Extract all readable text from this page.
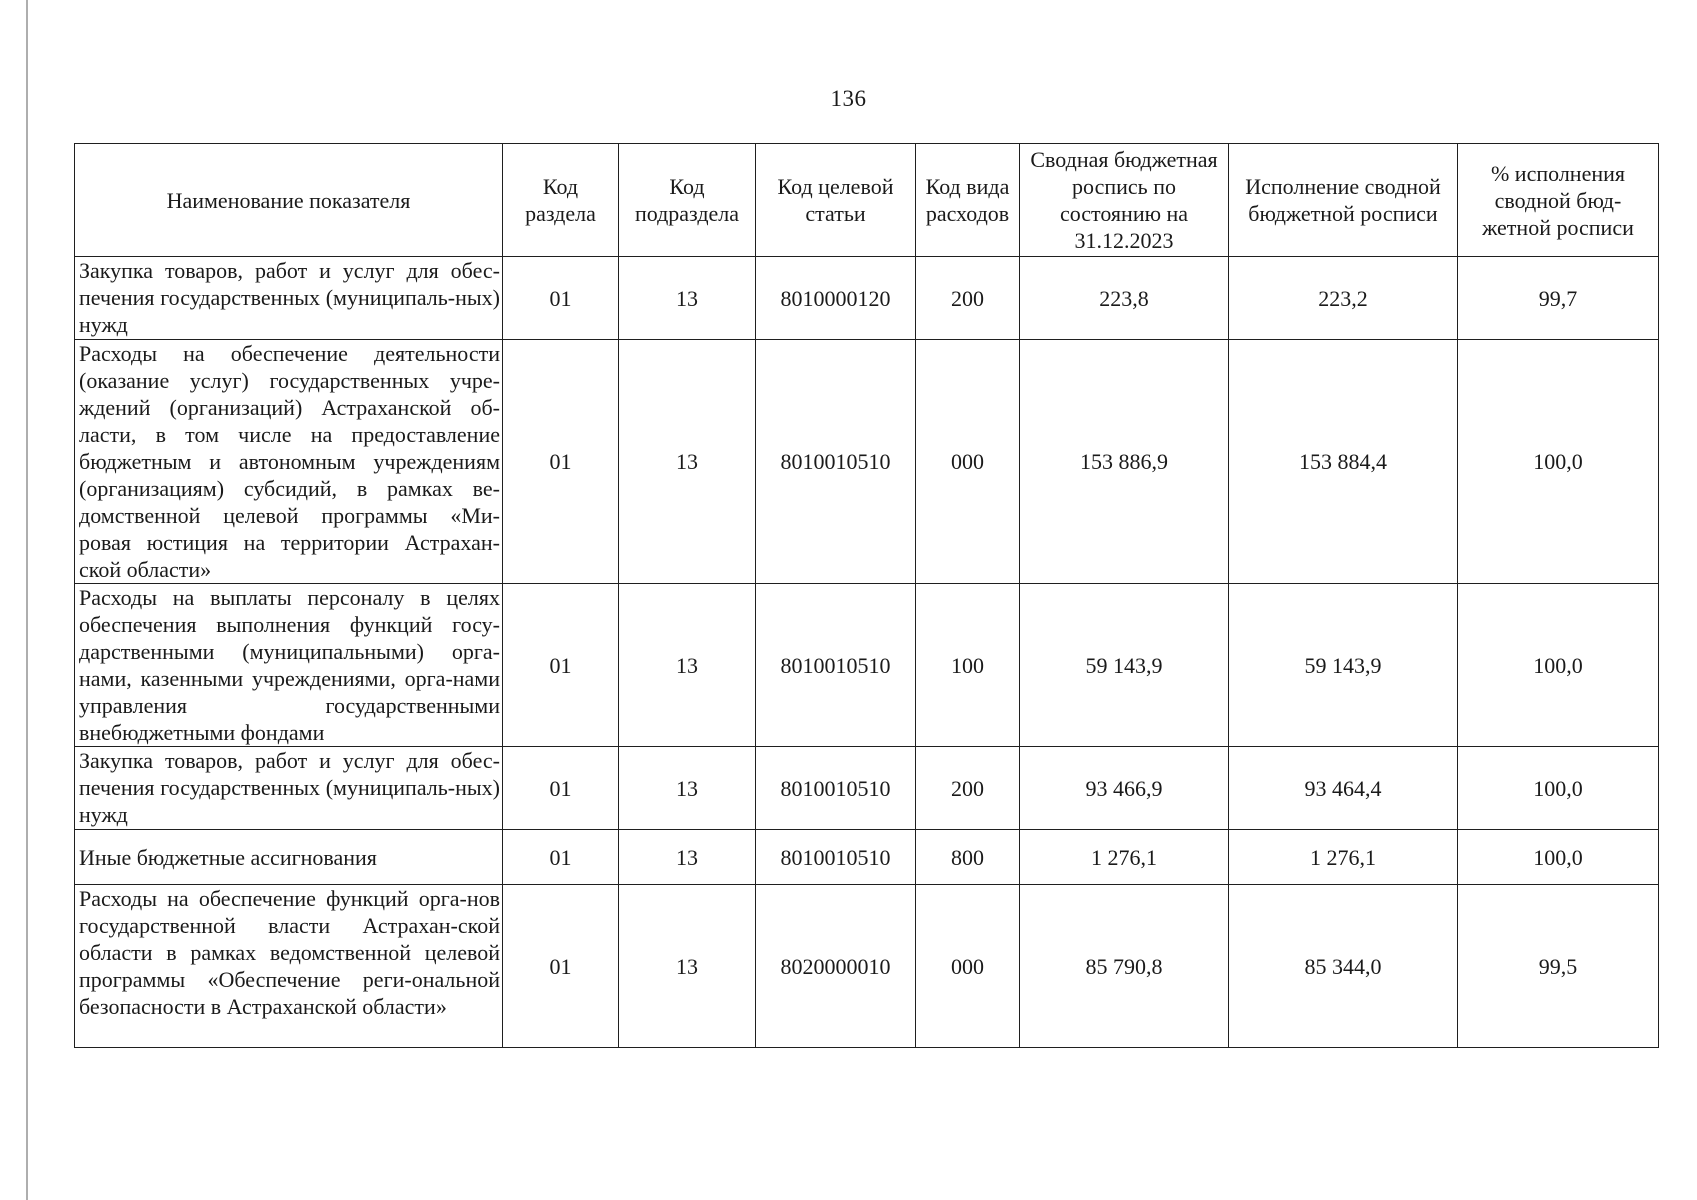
136
Наименование показателя	Код раздела	Код подраздела	Код целевой статьи	Код вида расходов	Сводная бюджетная роспись по состоянию на 31.12.2023	Исполнение сводной бюджетной росписи	% исполнения сводной бюд-жетной росписи
Закупка товаров, работ и услуг для обес-печения государственных (муниципаль-ных) нужд	01	13	8010000120	200	223,8	223,2	99,7
Расходы на обеспечение деятельности (оказание услуг) государственных учре-ждений (организаций) Астраханской об-ласти, в том числе на предоставление бюджетным и автономным учреждениям (организациям) субсидий, в рамках ве-домственной целевой программы «Ми-ровая юстиция на территории Астрахан-ской области»	01	13	8010010510	000	153 886,9	153 884,4	100,0
Расходы на выплаты персоналу в целях обеспечения выполнения функций госу-дарственными (муниципальными) орга-нами, казенными учреждениями, орга-нами управления государственными внебюджетными фондами	01	13	8010010510	100	59 143,9	59 143,9	100,0
Закупка товаров, работ и услуг для обес-печения государственных (муниципаль-ных) нужд	01	13	8010010510	200	93 466,9	93 464,4	100,0
Иные бюджетные ассигнования	01	13	8010010510	800	1 276,1	1 276,1	100,0
Расходы на обеспечение функций орга-нов государственной власти Астрахан-ской области в рамках ведомственной целевой программы «Обеспечение реги-ональной безопасности в Астраханской области»	01	13	8020000010	000	85 790,8	85 344,0	99,5
